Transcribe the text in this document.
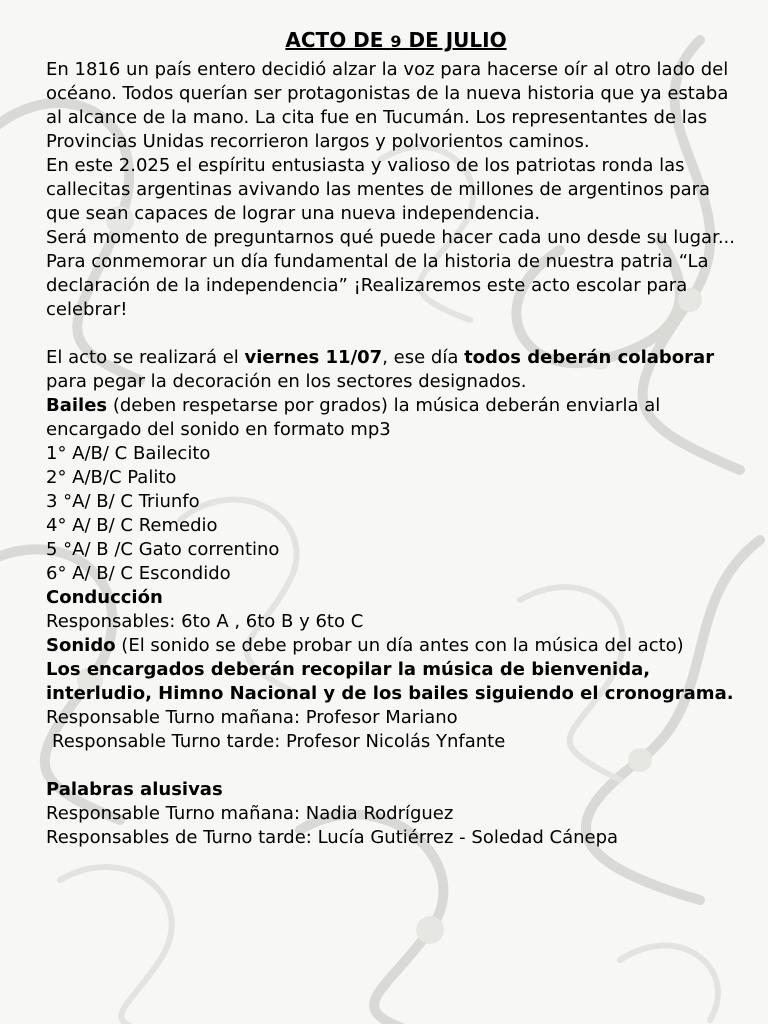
ACTO DE 9 DE JULIO

En 1816 un país entero decidió alzar la voz para hacerse oír al otro lado del océano. Todos querían ser protagonistas de la nueva historia que ya estaba al alcance de la mano. La cita fue en Tucumán. Los representantes de las Provincias Unidas recorrieron largos y polvorientos caminos.

En este 2.025 el espíritu entusiasta y valioso de los patriotas ronda las callecitas argentinas avivando las mentes de millones de argentinos para que sean capaces de lograr una nueva independencia.

Será momento de preguntarnos qué puede hacer cada uno desde su lugar...

Para conmemorar un día fundamental de la historia de nuestra patria “La declaración de la independencia” ¡Realizaremos este acto escolar para celebrar!

El acto se realizará el viernes 11/07, ese día todos deberán colaborar para pegar la decoración en los sectores designados.

Bailes (deben respetarse por grados) la música deberán enviarla al encargado del sonido en formato mp3

1° A/B/ C Bailecito

2° A/B/C Palito

3 °A/ B/ C Triunfo

4° A/ B/ C Remedio

5 °A/ B /C Gato correntino

6° A/ B/ C Escondido

Conducción

Responsables: 6to A , 6to B y 6to C

Sonido (El sonido se debe probar un día antes con la música del acto)

Los encargados deberán recopilar la música de bienvenida, interludio, Himno Nacional y de los bailes siguiendo el cronograma.

Responsable Turno mañana: Profesor Mariano

Responsable Turno tarde: Profesor Nicolás Ynfante

Palabras alusivas

Responsable Turno mañana: Nadia Rodríguez

Responsables de Turno tarde: Lucía Gutiérrez - Soledad Cánepa
